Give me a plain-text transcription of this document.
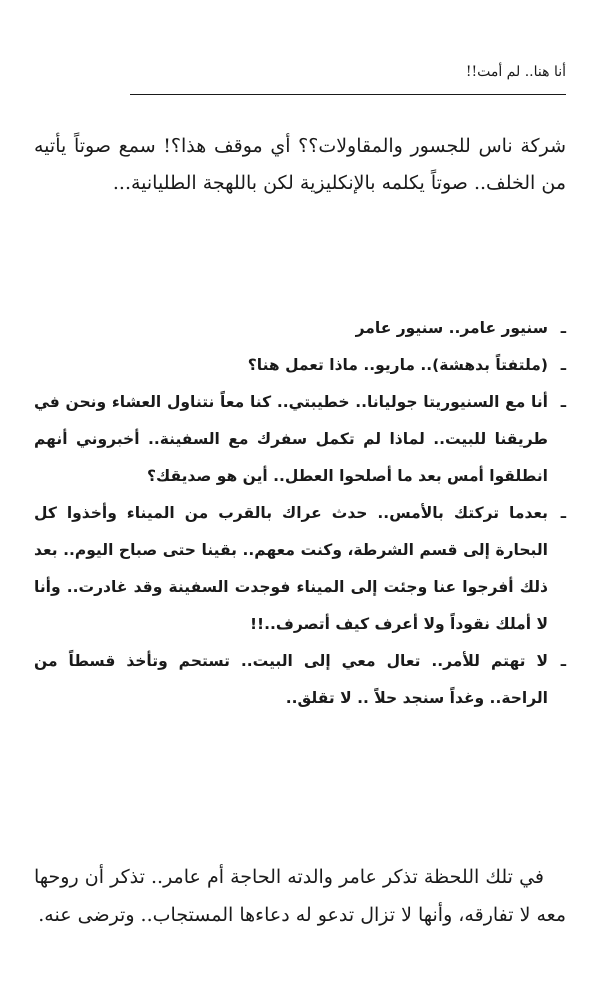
أنا هنا.. لم أمت!!

شركة ناس للجسور والمقاولات؟؟ أي موقف هذا؟! سمع صوتاً يأتيه من الخلف.. صوتاً يكلمه بالإنكليزية لكن باللهجة الطليانية...

ـ
سنيور عامر.. سنيور عامر
ـ
(ملتفتاً بدهشة).. ماريو.. ماذا تعمل هنا؟
ـ
أنا مع السنيوريتا جوليانا.. خطيبتي.. كنا معاً نتناول العشاء ونحن في طريقنا للبيت.. لماذا لم تكمل سفرك مع السفينة.. أخبروني أنهم انطلقوا أمس بعد ما أصلحوا العطل.. أين هو صديقك؟
ـ
بعدما تركتك بالأمس.. حدث عراك بالقرب من الميناء وأخذوا كل البحارة إلى قسم الشرطة، وكنت معهم.. بقينا حتى صباح اليوم.. بعد ذلك أفرجوا عنا وجئت إلى الميناء فوجدت السفينة وقد غادرت.. وأنا لا أملك نقوداً ولا أعرف كيف أتصرف..!!
ـ
لا تهتم للأمر.. تعال معي إلى البيت.. تستحم وتأخذ قسطاً من الراحة.. وغداً سنجد حلاً .. لا تقلق..

في تلك اللحظة تذكر عامر والدته الحاجة أم عامر.. تذكر أن روحها معه لا تفارقه، وأنها لا تزال تدعو له دعاءها المستجاب.. وترضى عنه.
